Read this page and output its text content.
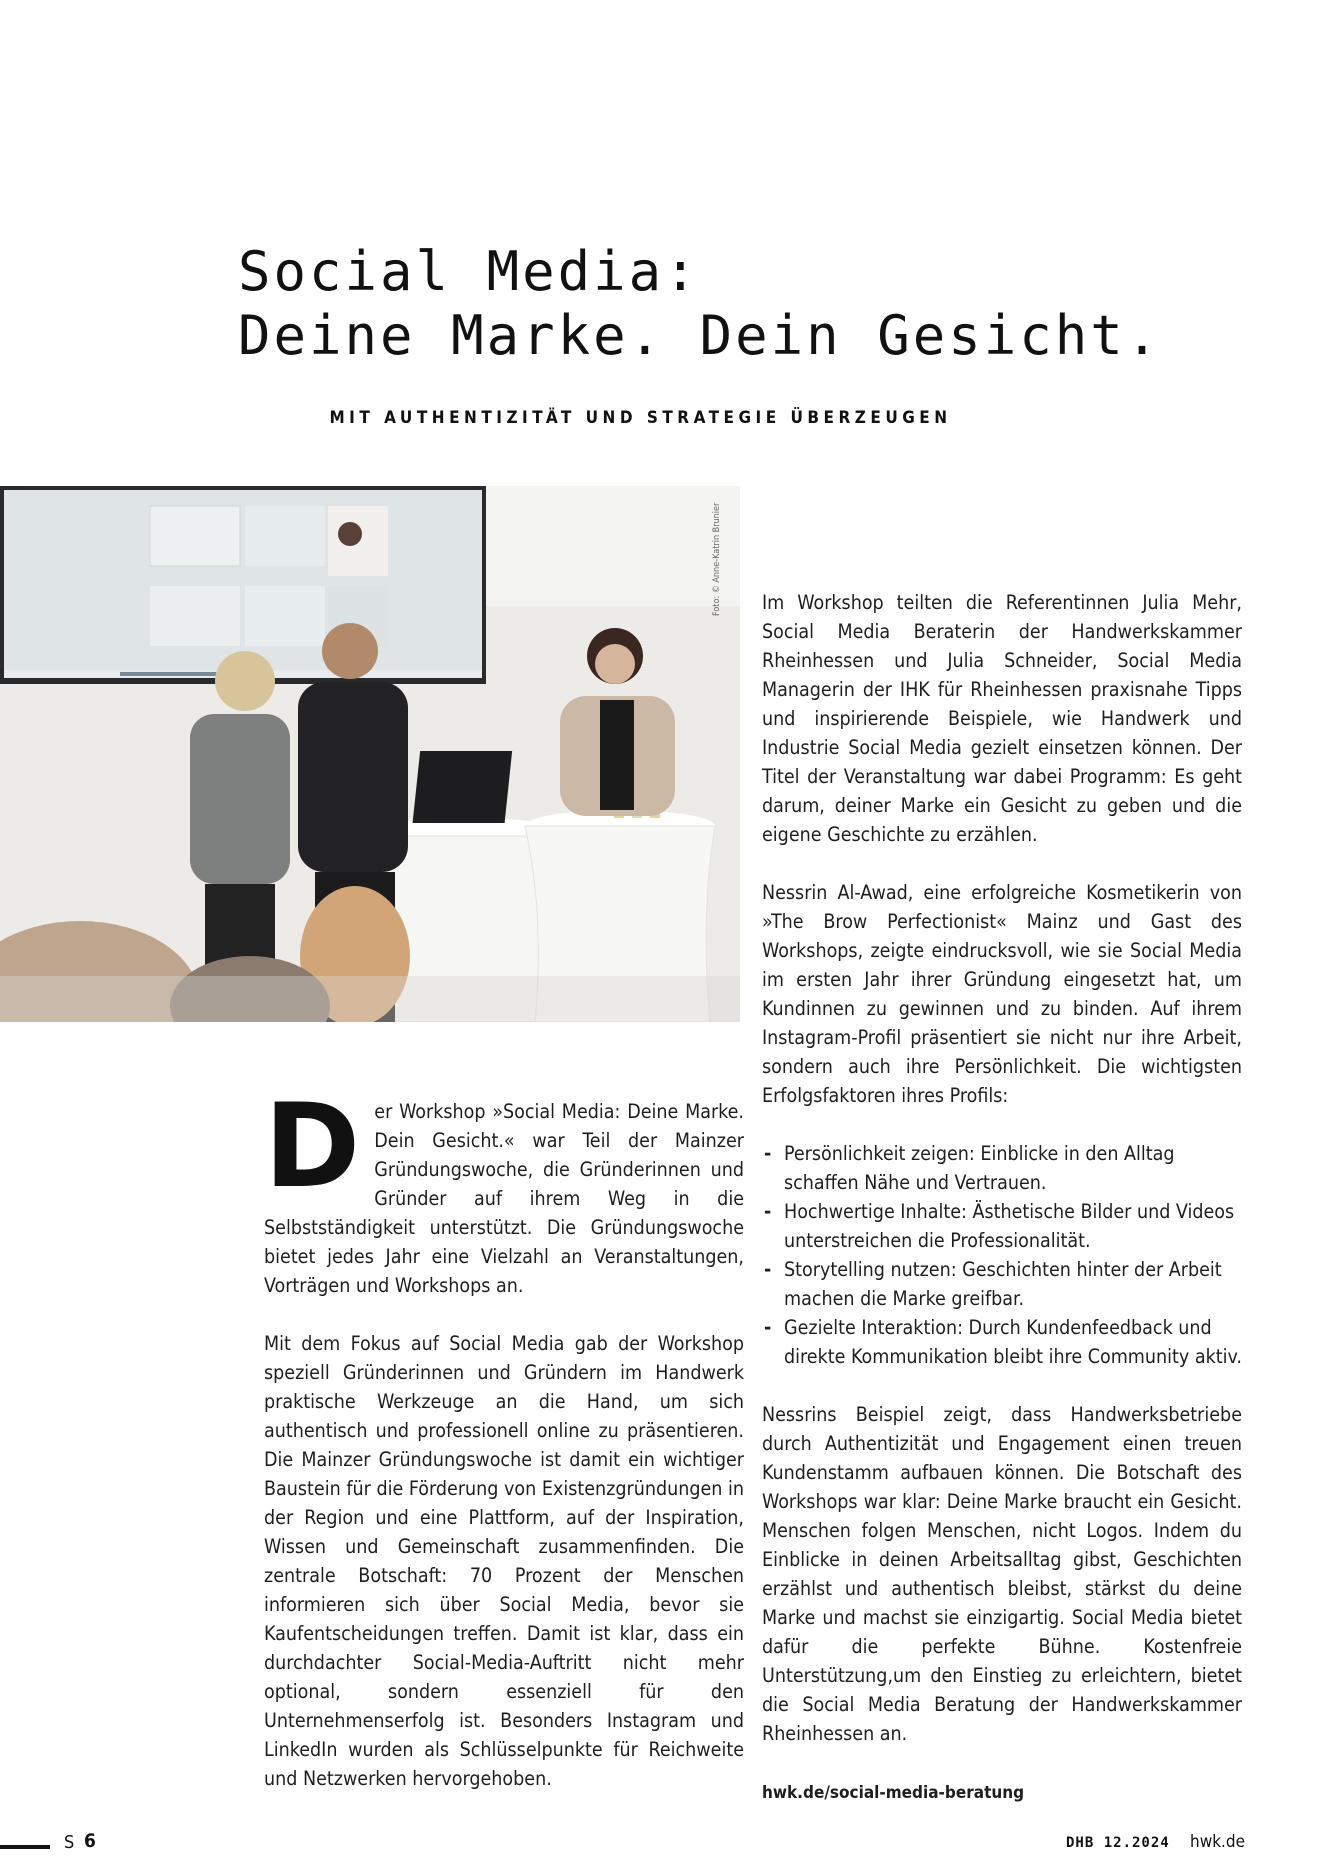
Social Media:
Deine Marke. Dein Gesicht.
MIT AUTHENTIZITÄT UND STRATEGIE ÜBERZEUGEN
Foto: © Anne-Katrin Brunier

Der Workshop »Social Media: Deine Marke. Dein Gesicht.« war Teil der Mainzer Gründungswoche, die Gründerinnen und Gründer auf ihrem Weg in die Selbstständigkeit unterstützt. Die Gründungswoche bietet jedes Jahr eine Vielzahl an Veranstaltungen, Vorträgen und Workshops an.

Mit dem Fokus auf Social Media gab der Workshop speziell Gründerinnen und Gründern im Handwerk praktische Werkzeuge an die Hand, um sich authentisch und professionell online zu präsentieren. Die Mainzer Gründungswoche ist damit ein wichtiger Baustein für die Förderung von Existenzgründungen in der Region und eine Plattform, auf der Inspiration, Wissen und Gemeinschaft zusammenfinden. Die zentrale Botschaft: 70 Prozent der Menschen informieren sich über Social Media, bevor sie Kaufentscheidungen treffen. Damit ist klar, dass ein durchdachter Social-Media-Auftritt nicht mehr optional, sondern essenziell für den Unternehmenserfolg ist. Besonders Instagram und LinkedIn wurden als Schlüsselpunkte für Reichweite und Netzwerken hervorgehoben.

Im Workshop teilten die Referentinnen Julia Mehr, Social Media Beraterin der Handwerkskammer Rheinhessen und Julia Schneider, Social Media Managerin der IHK für Rheinhessen praxisnahe Tipps und inspirierende Beispiele, wie Handwerk und Industrie Social Media gezielt einsetzen können. Der Titel der Veranstaltung war dabei Programm: Es geht darum, deiner Marke ein Gesicht zu geben und die eigene Geschichte zu erzählen.

Nessrin Al-Awad, eine erfolgreiche Kosmetikerin von »The Brow Perfectionist« Mainz und Gast des Workshops, zeigte eindrucksvoll, wie sie Social Media im ersten Jahr ihrer Gründung eingesetzt hat, um Kundinnen zu gewinnen und zu binden. Auf ihrem Instagram-Profil präsentiert sie nicht nur ihre Arbeit, sondern auch ihre Persönlichkeit. Die wichtigsten Erfolgsfaktoren ihres Profils:

- Persönlichkeit zeigen: Einblicke in den Alltag schaffen Nähe und Vertrauen.
- Hochwertige Inhalte: Ästhetische Bilder und Videos unterstreichen die Professionalität.
- Storytelling nutzen: Geschichten hinter der Arbeit machen die Marke greifbar.
- Gezielte Interaktion: Durch Kundenfeedback und direkte Kommunikation bleibt ihre Community aktiv.

Nessrins Beispiel zeigt, dass Handwerksbetriebe durch Authentizität und Engagement einen treuen Kundenstamm aufbauen können. Die Botschaft des Workshops war klar: Deine Marke braucht ein Gesicht. Menschen folgen Menschen, nicht Logos. Indem du Einblicke in deinen Arbeitsalltag gibst, Geschichten erzählst und authentisch bleibst, stärkst du deine Marke und machst sie einzigartig. Social Media bietet dafür die perfekte Bühne. Kostenfreie Unterstützung,um den Einstieg zu erleichtern, bietet die Social Media Beratung der Handwerkskammer Rheinhessen an.

hwk.de/social-media-beratung

S 6	DHB 12.2024 hwk.de
